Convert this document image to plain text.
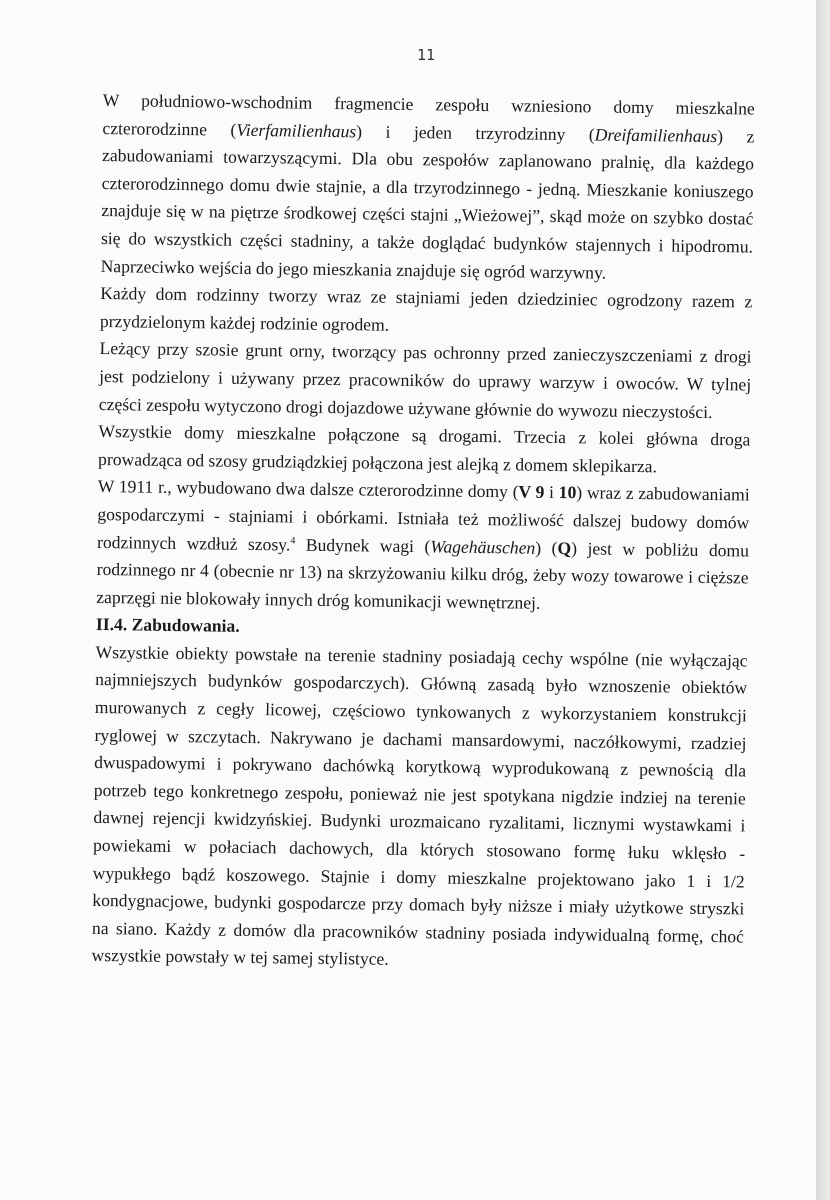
11

W południowo-wschodnim fragmencie zespołu wzniesiono domy mieszkalne czterorodzinne (Vierfamilienhaus) i jeden trzyrodzinny (Dreifamilienhaus) z zabudowaniami towarzyszącymi. Dla obu zespołów zaplanowano pralnię, dla każdego czterorodzinnego domu dwie stajnie, a dla trzyrodzinnego - jedną. Mieszkanie koniuszego znajduje się w na piętrze środkowej części stajni „Wieżowej”, skąd może on szybko dostać się do wszystkich części stadniny, a także doglądać budynków stajennych i hipodromu. Naprzeciwko wejścia do jego mieszkania znajduje się ogród warzywny.

Każdy dom rodzinny tworzy wraz ze stajniami jeden dziedziniec ogrodzony razem z przydzielonym każdej rodzinie ogrodem.

Leżący przy szosie grunt orny, tworzący pas ochronny przed zanieczyszczeniami z drogi jest podzielony i używany przez pracowników do uprawy warzyw i owoców. W tylnej części zespołu wytyczono drogi dojazdowe używane głównie do wywozu nieczystości.

Wszystkie domy mieszkalne połączone są drogami. Trzecia z kolei główna droga prowadząca od szosy grudziądzkiej połączona jest alejką z domem sklepikarza.

W 1911 r., wybudowano dwa dalsze czterorodzinne domy (V 9 i 10) wraz z zabudowaniami gospodarczymi - stajniami i obórkami. Istniała też możliwość dalszej budowy domów rodzinnych wzdłuż szosy.$^4$ Budynek wagi (Wagehäuschen) (Q) jest w pobliżu domu rodzinnego nr 4 (obecnie nr 13) na skrzyżowaniu kilku dróg, żeby wozy towarowe i cięższe zaprzęgi nie blokowały innych dróg komunikacji wewnętrznej.

II.4. Zabudowania.

Wszystkie obiekty powstałe na terenie stadniny posiadają cechy wspólne (nie wyłączając najmniejszych budynków gospodarczych). Główną zasadą było wznoszenie obiektów murowanych z cegły licowej, częściowo tynkowanych z wykorzystaniem konstrukcji ryglowej w szczytach. Nakrywano je dachami mansardowymi, naczółkowymi, rzadziej dwuspadowymi i pokrywano dachówką korytkową wyprodukowaną z pewnością dla potrzeb tego konkretnego zespołu, ponieważ nie jest spotykana nigdzie indziej na terenie dawnej rejencji kwidzyńskiej. Budynki urozmaicano ryzalitami, licznymi wystawkami i powiekami w połaciach dachowych, dla których stosowano formę łuku wklęsło - wypukłego bądź koszowego. Stajnie i domy mieszkalne projektowano jako 1 i 1/2 kondygnacjowe, budynki gospodarcze przy domach były niższe i miały użytkowe stryszki na siano. Każdy z domów dla pracowników stadniny posiada indywidualną formę, choć wszystkie powstały w tej samej stylistyce.
